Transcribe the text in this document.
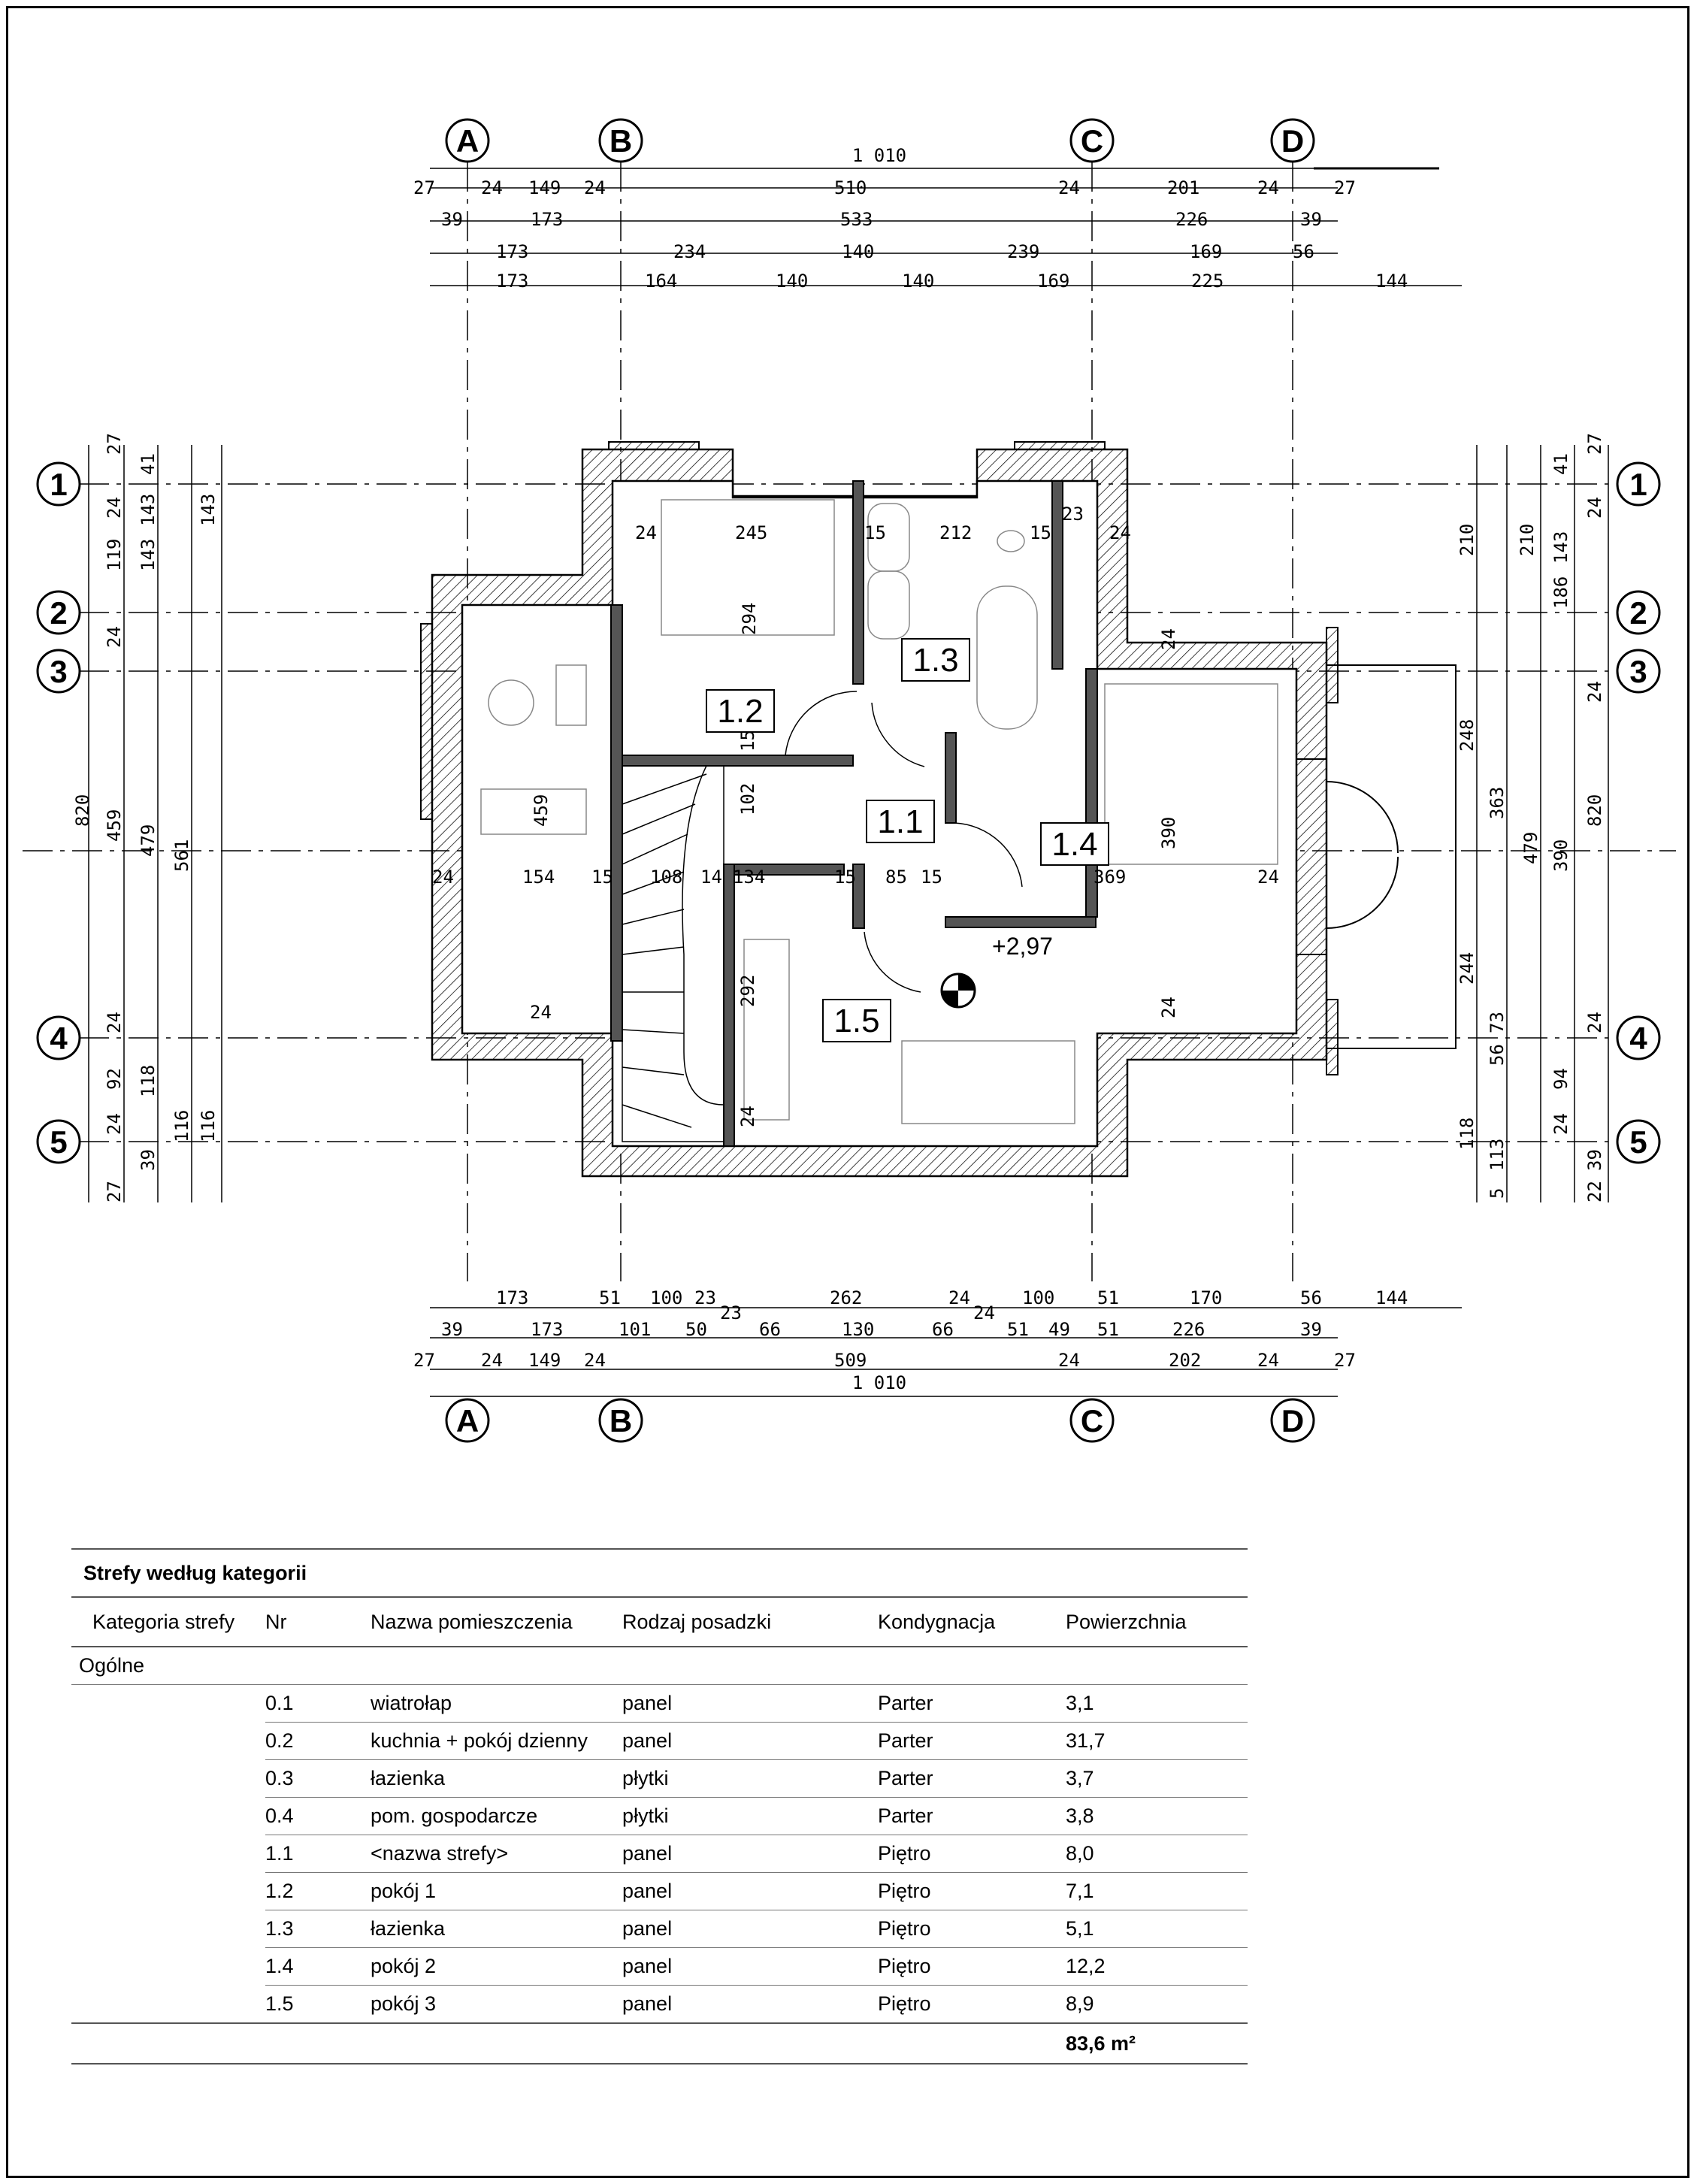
A	B	C	D
A	B	C	D
1
2
3
4
5
1
2
3
4
5
1 010
27	24 149 24	510	24	201	24	27
39	173	533	226	39
173	234	140	239	169	56
173	164	140	140	169	225	144
173	51 100 23	262	24	100 51	170	56	144
39	173	101 50
23
66	130	66
24
51 49 51	226	39
27	24 149 24	509	24	202	24	27
1 010
27
41
24
119
24
459
24
92
24
39
27
143
143
479
118
116
143
561
116
820
27
41
24
143
186
24
479
24
94
24
39
22
210
363
73
56
113
5
210
248
244
118
390
820
+2,97
1.3
1.2
1.1
1.4
1.5
24	245	15	212	15
23
24
294
15
102
459
24	154 15 108 14 134	15 85 15	369	24
292
24
390
24
24
24
Strefy według kategorii
Kategoria strefy	Nr	Nazwa pomieszczenia	Rodzaj posadzki	Kondygnacja	Powierzchnia
Ogólne					
	0.1	wiatrołap	panel	Parter	3,1
	0.2	kuchnia + pokój dzienny	panel	Parter	31,7
	0.3	łazienka	płytki	Parter	3,7
	0.4	pom. gospodarcze	płytki	Parter	3,8
	1.1	<nazwa strefy>	panel	Piętro	8,0
	1.2	pokój 1	panel	Piętro	7,1
	1.3	łazienka	panel	Piętro	5,1
	1.4	pokój 2	panel	Piętro	12,2
	1.5	pokój 3	panel	Piętro	8,9
					83,6 m²
